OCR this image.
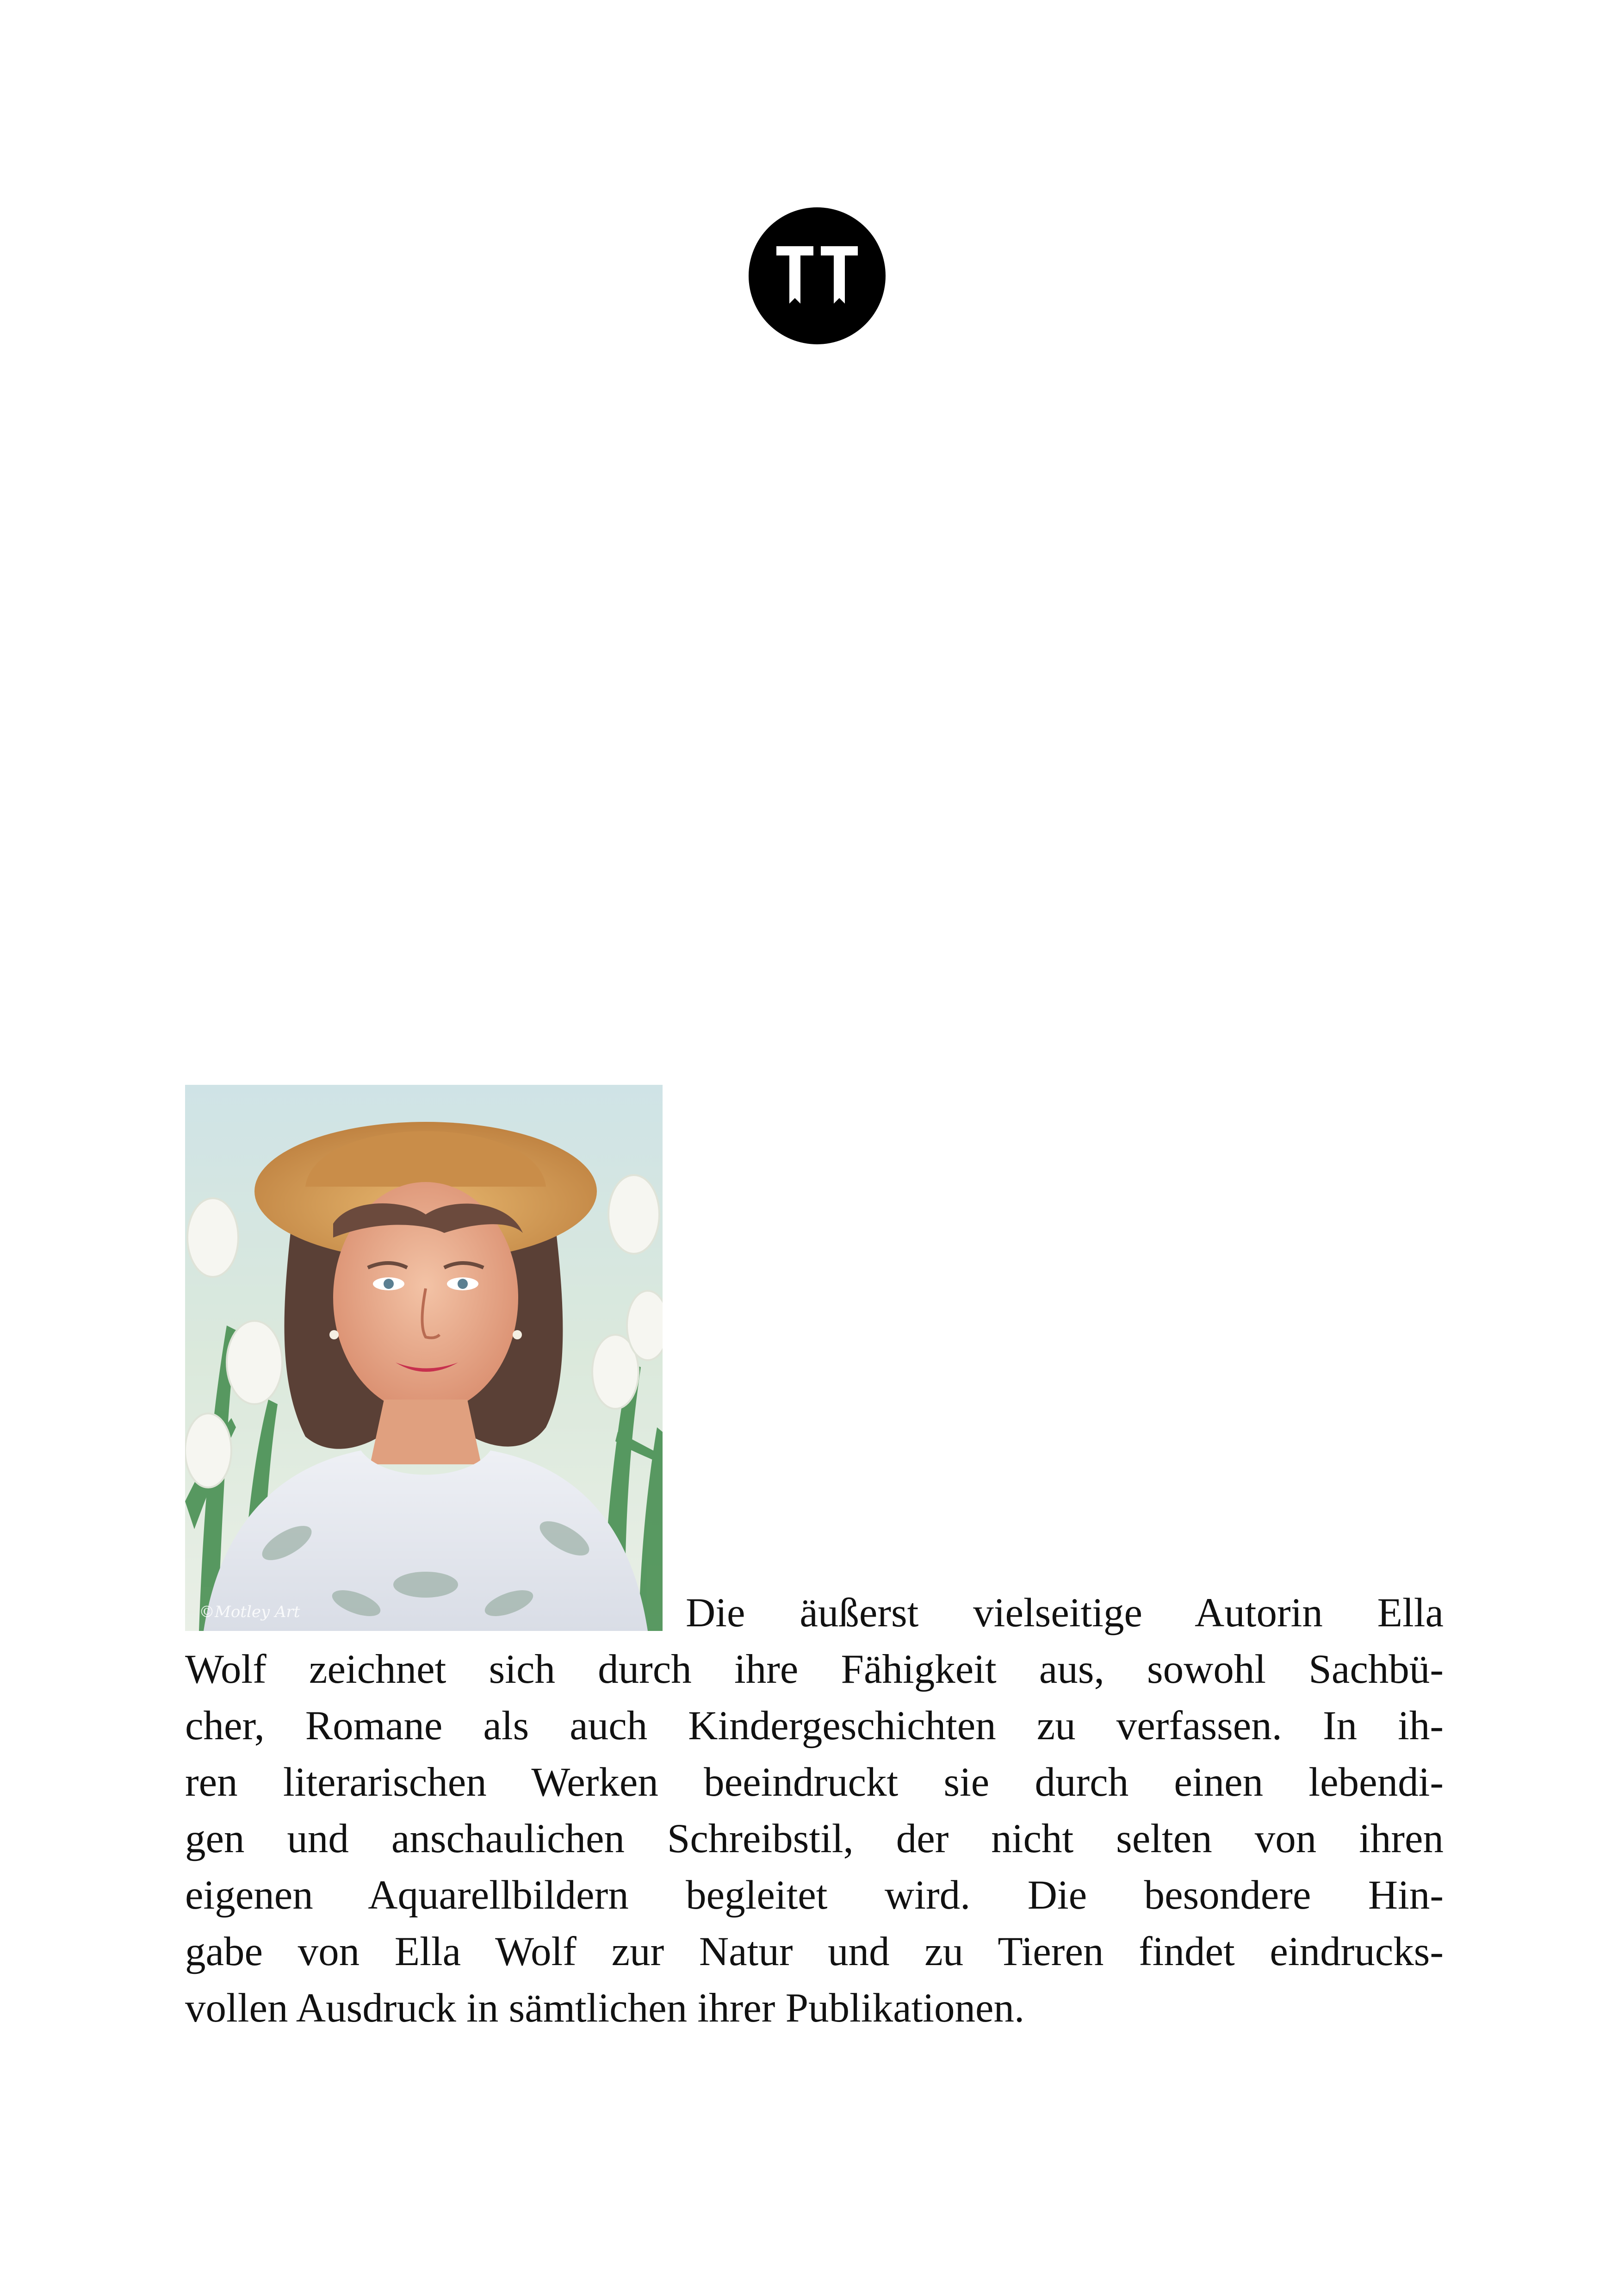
©Motley Art	Die äußerst vielseitige Autorin Ella
Wolf zeichnet sich durch ihre Fähigkeit aus, sowohl Sachbü-
cher, Romane als auch Kindergeschichten zu verfassen. In ih-
ren literarischen Werken beeindruckt sie durch einen lebendi-
gen und anschaulichen Schreibstil, der nicht selten von ihren
eigenen Aquarellbildern begleitet wird. Die besondere Hin-
gabe von Ella Wolf zur Natur und zu Tieren findet eindrucks-
vollen Ausdruck in sämtlichen ihrer Publikationen.
